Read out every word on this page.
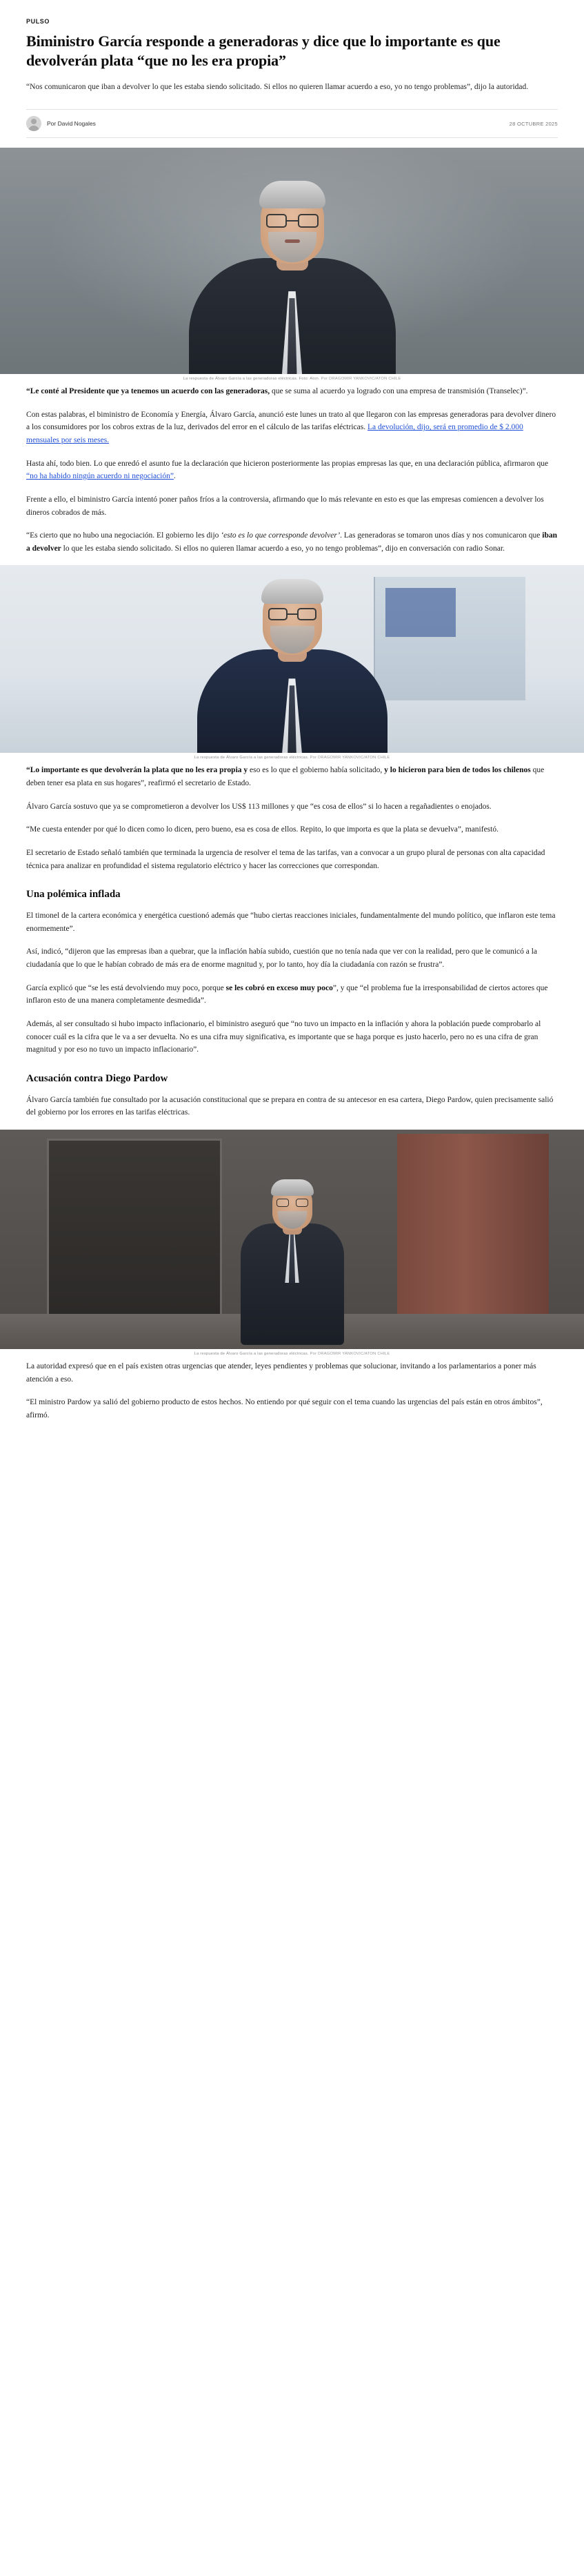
PULSO
Biministro García responde a generadoras y dice que lo importante es que devolverán plata “que no les era propia”
“Nos comunicaron que iban a devolver lo que les estaba siendo solicitado. Si ellos no quieren llamar acuerdo a eso, yo no tengo problemas”, dijo la autoridad.
Por David Nogales	28 OCTUBRE 2025
La respuesta de Álvaro García a las generadoras eléctricas. Foto: Aton. Por DRAGOMIR YANKOVIC/ATON CHILE

“Le conté al Presidente que ya tenemos un acuerdo con las generadoras, que se suma al acuerdo ya logrado con una empresa de transmisión (Transelec)”.

Con estas palabras, el biministro de Economía y Energía, Álvaro García, anunció este lunes un trato al que llegaron con las empresas generadoras para devolver dinero a los consumidores por los cobros extras de la luz, derivados del error en el cálculo de las tarifas eléctricas. La devolución, dijo, será en promedio de $ 2.000 mensuales por seis meses.

Hasta ahí, todo bien. Lo que enredó el asunto fue la declaración que hicieron posteriormente las propias empresas las que, en una declaración pública, afirmaron que “no ha habido ningún acuerdo ni negociación”.

Frente a ello, el biministro García intentó poner paños fríos a la controversia, afirmando que lo más relevante en esto es que las empresas comiencen a devolver los dineros cobrados de más.

“Es cierto que no hubo una negociación. El gobierno les dijo ‘esto es lo que corresponde devolver’. Las generadoras se tomaron unos días y nos comunicaron que iban a devolver lo que les estaba siendo solicitado. Si ellos no quieren llamar acuerdo a eso, yo no tengo problemas”, dijo en conversación con radio Sonar.

La respuesta de Álvaro García a las generadoras eléctricas. Por DRAGOMIR YANKOVIC/ATON CHILE

“Lo importante es que devolverán la plata que no les era propia y eso es lo que el gobierno había solicitado, y lo hicieron para bien de todos los chilenos que deben tener esa plata en sus hogares”, reafirmó el secretario de Estado.

Álvaro García sostuvo que ya se comprometieron a devolver los US$ 113 millones y que “es cosa de ellos” si lo hacen a regañadientes o enojados.

“Me cuesta entender por qué lo dicen como lo dicen, pero bueno, esa es cosa de ellos. Repito, lo que importa es que la plata se devuelva”, manifestó.

El secretario de Estado señaló también que terminada la urgencia de resolver el tema de las tarifas, van a convocar a un grupo plural de personas con alta capacidad técnica para analizar en profundidad el sistema regulatorio eléctrico y hacer las correcciones que correspondan.

Una polémica inflada

El timonel de la cartera económica y energética cuestionó además que “hubo ciertas reacciones iniciales, fundamentalmente del mundo político, que inflaron este tema enormemente”.

Así, indicó, “dijeron que las empresas iban a quebrar, que la inflación había subido, cuestión que no tenía nada que ver con la realidad, pero que le comunicó a la ciudadanía que lo que le habían cobrado de más era de enorme magnitud y, por lo tanto, hoy día la ciudadanía con razón se frustra”.

García explicó que “se les está devolviendo muy poco, porque se les cobró en exceso muy poco”, y que “el problema fue la irresponsabilidad de ciertos actores que inflaron esto de una manera completamente desmedida”.

Además, al ser consultado si hubo impacto inflacionario, el biministro aseguró que “no tuvo un impacto en la inflación y ahora la población puede comprobarlo al conocer cuál es la cifra que le va a ser devuelta. No es una cifra muy significativa, es importante que se haga porque es justo hacerlo, pero no es una cifra de gran magnitud y por eso no tuvo un impacto inflacionario”.

Acusación contra Diego Pardow

Álvaro García también fue consultado por la acusación constitucional que se prepara en contra de su antecesor en esa cartera, Diego Pardow, quien precisamente salió del gobierno por los errores en las tarifas eléctricas.

La respuesta de Álvaro García a las generadoras eléctricas. Por DRAGOMIR YANKOVIC/ATON CHILE

La autoridad expresó que en el país existen otras urgencias que atender, leyes pendientes y problemas que solucionar, invitando a los parlamentarios a poner más atención a eso.

“El ministro Pardow ya salió del gobierno producto de estos hechos. No entiendo por qué seguir con el tema cuando las urgencias del país están en otros ámbitos”, afirmó.
